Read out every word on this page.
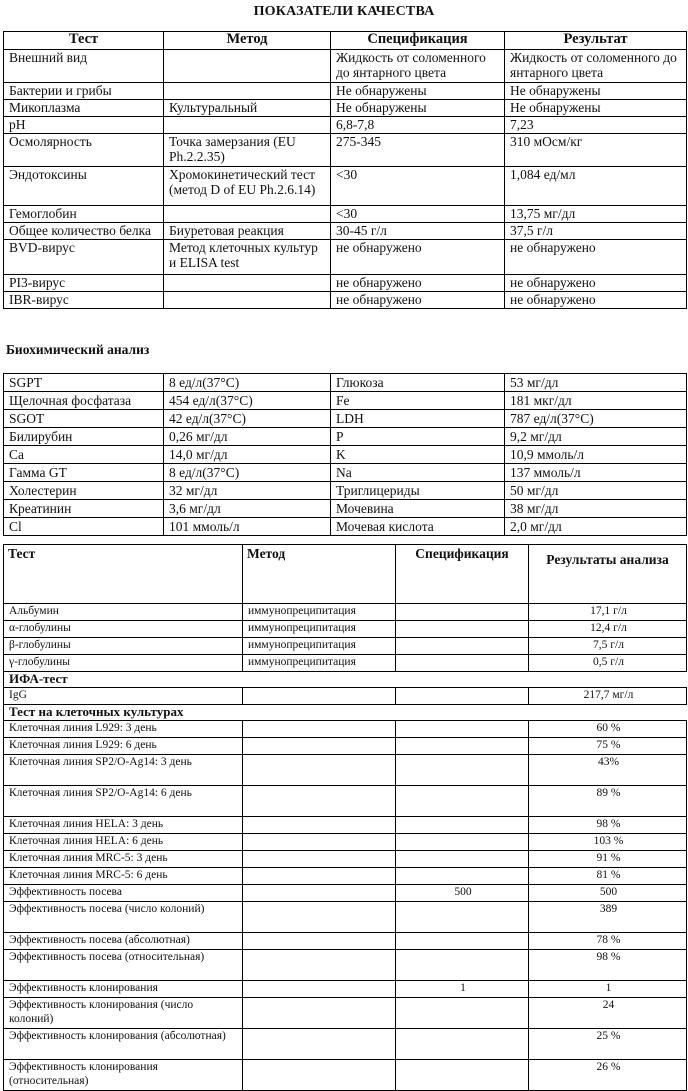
ПОКАЗАТЕЛИ КАЧЕСТВА
Тест	Метод	Спецификация	Результат
Внешний вид		Жидкость от соломенного до янтарного цвета	Жидкость от соломенного до янтарного цвета
Бактерии и грибы		Не обнаружены	Не обнаружены
Микоплазма	Культуральный	Не обнаружены	Не обнаружены
pH		6,8-7,8	7,23
Осмолярность	Точка замерзания (EU Ph.2.2.35)	275-345	310 мОсм/кг
Эндотоксины	Хромокинетический тест (метод D of EU Ph.2.6.14)	<30	1,084 ед/мл
Гемоглобин		<30	13,75 мг/дл
Общее количество белка	Биуретовая реакция	30-45 г/л	37,5 г/л
BVD-вирус	Метод клеточных культур и ELISA test	не обнаружено	не обнаружено
PI3-вирус		не обнаружено	не обнаружено
IBR-вирус		не обнаружено	не обнаружено
Биохимический анализ
SGPT	8 ед/л(37°C)	Глюкоза	53 мг/дл
Щелочная фосфатаза	454 ед/л(37°C)	Fe	181 мкг/дл
SGOT	42 ед/л(37°C)	LDH	787 ед/л(37°C)
Билирубин	0,26 мг/дл	P	9,2 мг/дл
Ca	14,0 мг/дл	K	10,9 ммоль/л
Гамма GT	8 ед/л(37°C)	Na	137 ммоль/л
Холестерин	32 мг/дл	Триглицериды	50 мг/дл
Креатинин	3,6 мг/дл	Мочевина	38 мг/дл
Cl	101 ммоль/л	Мочевая кислота	2,0 мг/дл
Тест	Метод	Спецификация	Результаты анализа
Альбумин	иммунопреципитация		17,1 г/л
α-глобулины	иммунопреципитация		12,4 г/л
β-глобулины	иммунопреципитация		7,5 г/л
γ-глобулины	иммунопреципитация		0,5 г/л
ИФА-тест			
IgG			217,7 мг/л
Тест на клеточных культурах			
Клеточная линия L929: 3 день			60 %
Клеточная линия L929: 6 день			75 %
Клеточная линия SP2/O-Ag14: 3 день			43%
Клеточная линия SP2/O-Ag14: 6 день			89 %
Клеточная линия HELA: 3 день			98 %
Клеточная линия HELA: 6 день			103 %
Клеточная линия MRC-5: 3 день			91 %
Клеточная линия MRC-5: 6 день			81 %
Эффективность посева		500	500
Эффективность посева (число колоний)			389
Эффективность посева (абсолютная)			78 %
Эффективность посева (относительная)			98 %
Эффективность клонирования		1	1
Эффективность клонирования (число колоний)			24
Эффективность клонирования (абсолютная)			25 %
Эффективность клонирования (относительная)			26 %
